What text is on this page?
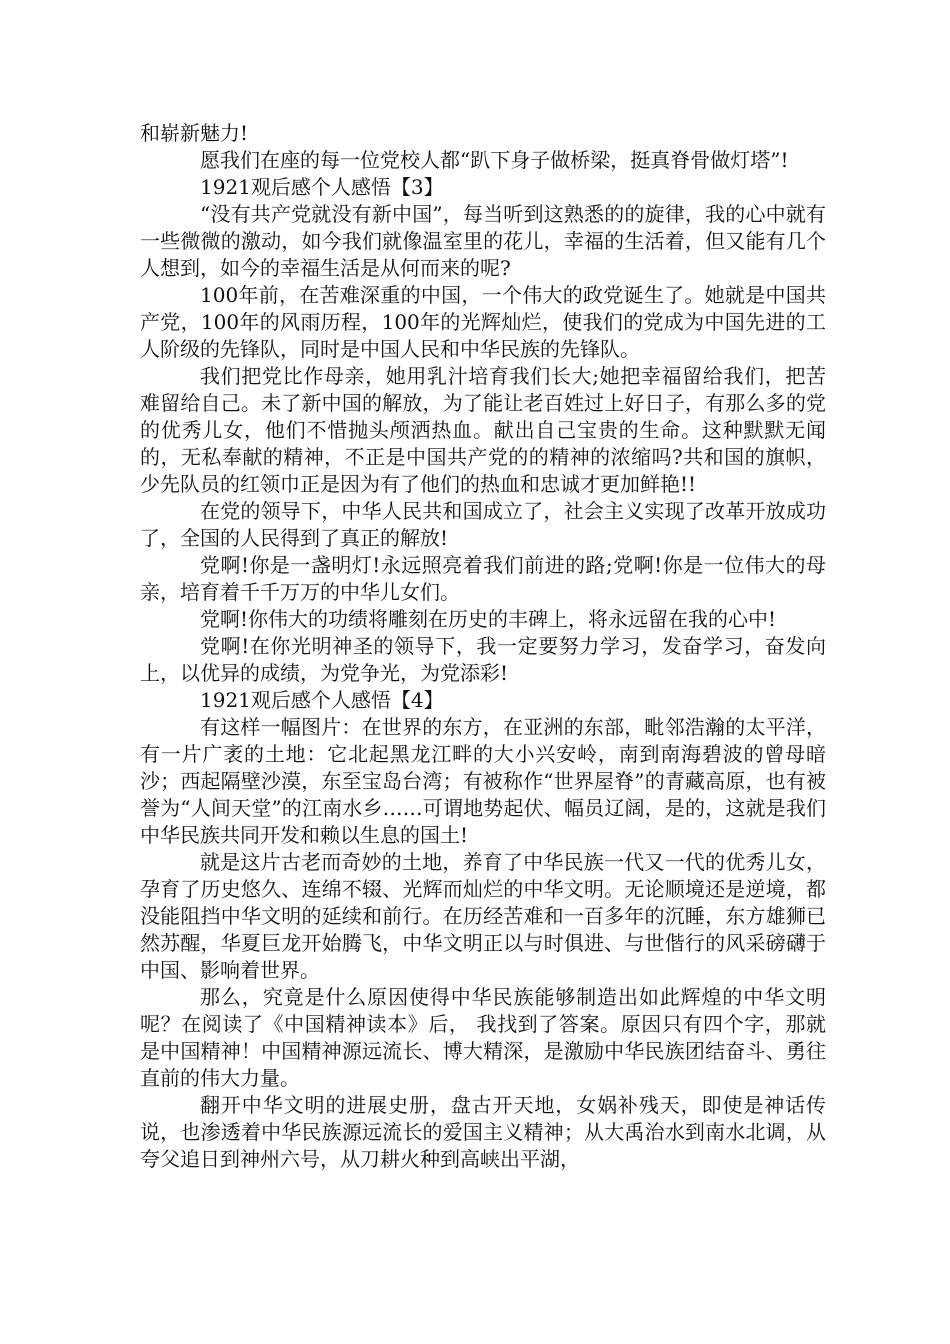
和崭新魅力!

愿我们在座的每一位党校人都“趴下身子做桥梁，挺真脊骨做灯塔”!

1921观后感个人感悟【3】

“没有共产党就没有新中国”，每当听到这熟悉的的旋律，我的心中就有一些微微的激动，如今我们就像温室里的花儿，幸福的生活着，但又能有几个人想到，如今的幸福生活是从何而来的呢?

100年前，在苦难深重的中国，一个伟大的政党诞生了。她就是中国共产党，100年的风雨历程，100年的光辉灿烂，使我们的党成为中国先进的工人阶级的先锋队，同时是中国人民和中华民族的先锋队。

我们把党比作母亲，她用乳汁培育我们长大;她把幸福留给我们，把苦难留给自己。未了新中国的解放，为了能让老百姓过上好日子，有那么多的党的优秀儿女，他们不惜抛头颅洒热血。献出自己宝贵的生命。这种默默无闻的，无私奉献的精神，不正是中国共产党的的精神的浓缩吗?共和国的旗帜，少先队员的红领巾正是因为有了他们的热血和忠诚才更加鲜艳!!

在党的领导下，中华人民共和国成立了，社会主义实现了改革开放成功了，全国的人民得到了真正的解放!

党啊!你是一盏明灯!永远照亮着我们前进的路;党啊!你是一位伟大的母亲，培育着千千万万的中华儿女们。

党啊!你伟大的功绩将雕刻在历史的丰碑上，将永远留在我的心中!

党啊!在你光明神圣的领导下，我一定要努力学习，发奋学习，奋发向上，以优异的成绩，为党争光，为党添彩!

1921观后感个人感悟【4】

有这样一幅图片：在世界的东方，在亚洲的东部，毗邻浩瀚的太平洋，有一片广袤的土地：它北起黑龙江畔的大小兴安岭，南到南海碧波的曾母暗沙；西起隔壁沙漠，东至宝岛台湾；有被称作“世界屋脊”的青藏高原，也有被誉为“人间天堂”的江南水乡……可谓地势起伏、幅员辽阔，是的，这就是我们中华民族共同开发和赖以生息的国土!

就是这片古老而奇妙的土地，养育了中华民族一代又一代的优秀儿女，孕育了历史悠久、连绵不辍、光辉而灿烂的中华文明。无论顺境还是逆境，都没能阻挡中华文明的延续和前行。在历经苦难和一百多年的沉睡，东方雄狮已然苏醒，华夏巨龙开始腾飞，中华文明正以与时俱进、与世偕行的风采磅礴于中国、影响着世界。

那么，究竟是什么原因使得中华民族能够制造出如此辉煌的中华文明呢？在阅读了《中国精神读本》后， 我找到了答案。原因只有四个字，那就是中国精神！中国精神源远流长、博大精深，是激励中华民族团结奋斗、勇往直前的伟大力量。

翻开中华文明的进展史册，盘古开天地，女娲补残天，即使是神话传说，也渗透着中华民族源远流长的爱国主义精神；从大禹治水到南水北调，从夸父追日到神州六号，从刀耕火种到高峡出平湖，
